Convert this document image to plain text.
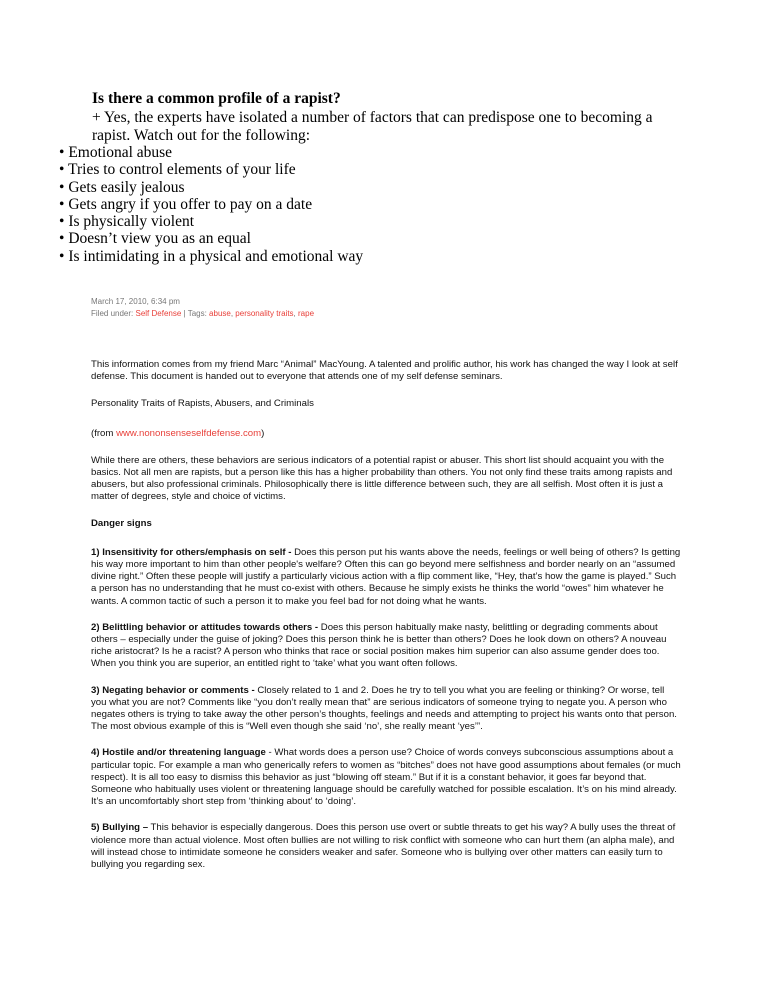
Is there a common profile of a rapist?
+ Yes, the experts have isolated a number of factors that can predispose one to becoming a rapist. Watch out for the following:
• Emotional abuse
• Tries to control elements of your life
• Gets easily jealous
• Gets angry if you offer to pay on a date
• Is physically violent
• Doesn’t view you as an equal
• Is intimidating in a physical and emotional way
March 17, 2010, 6:34 pm
Filed under: Self Defense | Tags: abuse, personality traits, rape

This information comes from my friend Marc “Animal” MacYoung. A talented and prolific author, his work has changed the way I look at self defense. This document is handed out to everyone that attends one of my self defense seminars.

Personality Traits of Rapists, Abusers, and Criminals

(from www.nononsenseselfdefense.com)

While there are others, these behaviors are serious indicators of a potential rapist or abuser. This short list should acquaint you with the basics. Not all men are rapists, but a person like this has a higher probability than others. You not only find these traits among rapists and abusers, but also professional criminals. Philosophically there is little difference between such, they are all selfish. Most often it is just a matter of degrees, style and choice of victims.

Danger signs

1) Insensitivity for others/emphasis on self - Does this person put his wants above the needs, feelings or well being of others? Is getting his way more important to him than other people's welfare? Often this can go beyond mere selfishness and border nearly on an “assumed divine right.” Often these people will justify a particularly vicious action with a flip comment like, “Hey, that’s how the game is played.” Such a person has no understanding that he must co-exist with others. Because he simply exists he thinks the world “owes” him whatever he wants. A common tactic of such a person it to make you feel bad for not doing what he wants.

2) Belittling behavior or attitudes towards others - Does this person habitually make nasty, belittling or degrading comments about others – especially under the guise of joking? Does this person think he is better than others? Does he look down on others? A nouveau riche aristocrat? Is he a racist? A person who thinks that race or social position makes him superior can also assume gender does too. When you think you are superior, an entitled right to ‘take’ what you want often follows.

3) Negating behavior or comments - Closely related to 1 and 2. Does he try to tell you what you are feeling or thinking? Or worse, tell you what you are not? Comments like “you don’t really mean that” are serious indicators of someone trying to negate you. A person who negates others is trying to take away the other person’s thoughts, feelings and needs and attempting to project his wants onto that person. The most obvious example of this is “Well even though she said ‘no’, she really meant ‘yes’”.

4) Hostile and/or threatening language - What words does a person use? Choice of words conveys subconscious assumptions about a particular topic. For example a man who generically refers to women as “bitches” does not have good assumptions about females (or much respect). It is all too easy to dismiss this behavior as just “blowing off steam.” But if it is a constant behavior, it goes far beyond that. Someone who habitually uses violent or threatening language should be carefully watched for possible escalation. It’s on his mind already. It’s an uncomfortably short step from ‘thinking about’ to ‘doing’.

5) Bullying – This behavior is especially dangerous. Does this person use overt or subtle threats to get his way? A bully uses the threat of violence more than actual violence. Most often bullies are not willing to risk conflict with someone who can hurt them (an alpha male), and will instead chose to intimidate someone he considers weaker and safer. Someone who is bullying over other matters can easily turn to bullying you regarding sex.
